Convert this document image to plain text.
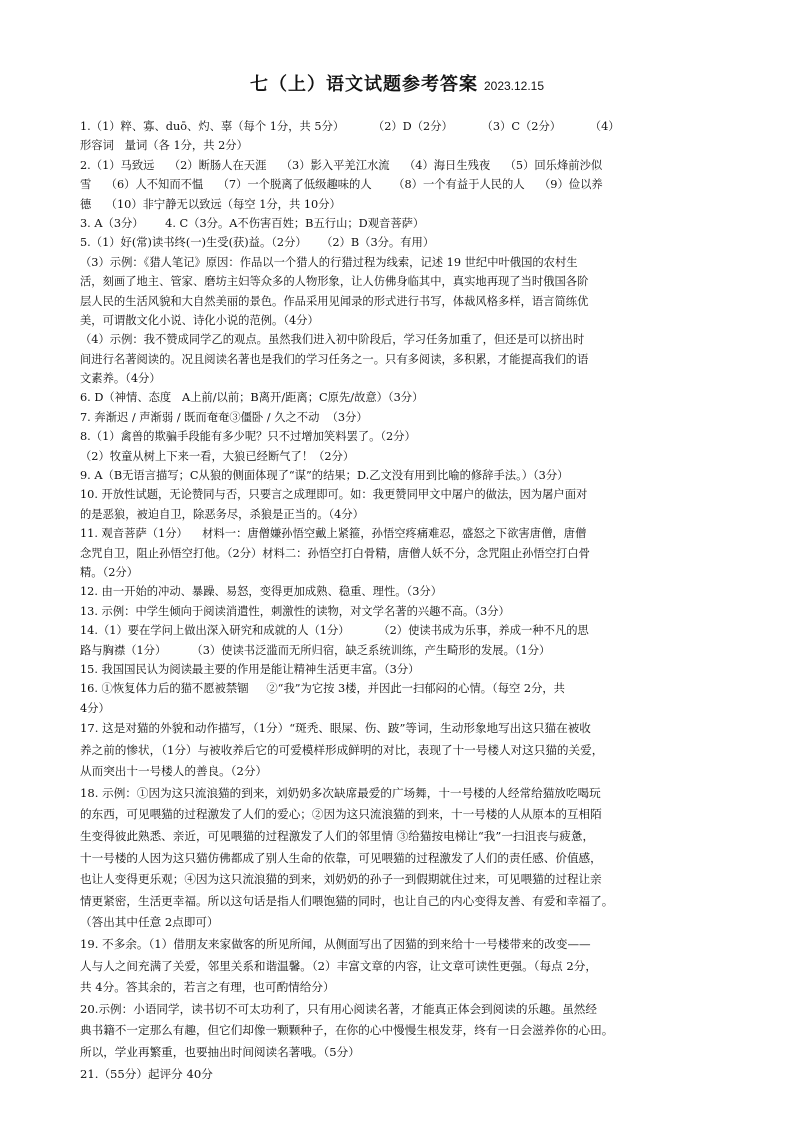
七（上）语文试题参考答案 2023.12.15
1.（1）粹、寡、duō、灼、辜（每个 1分，共 5分）        （2）D（2分）        （3）C（2分）        （4）
形容词   量词（各 1分，共 2分）
2.（1）马致远    （2）断肠人在天涯    （3）影入平羌江水流    （4）海日生残夜    （5）回乐烽前沙似
雪    （6）人不知而不愠    （7）一个脱离了低级趣味的人      （8）一个有益于人民的人    （9）俭以养
德    （10）非宁静无以致远（每空 1分，共 10分）
3. A（3分）      4. C（3分。A不伤害百姓；B五行山；D观音菩萨）
5.（1）好(常)读书终(一)生受(获)益。（2分）    （2）B（3分。有用）
（3）示例：《猎人笔记》原因：作品以一个猎人的行猎过程为线索，记述 19 世纪中叶俄国的农村生
活，刻画了地主、管家、磨坊主妇等众多的人物形象，让人仿佛身临其中，真实地再现了当时俄国各阶
层人民的生活风貌和大自然美丽的景色。作品采用见闻录的形式进行书写，体裁风格多样，语言简练优
美，可谓散文化小说、诗化小说的范例。（4分）
（4）示例：我不赞成同学乙的观点。虽然我们进入初中阶段后，学习任务加重了，但还是可以挤出时
间进行名著阅读的。况且阅读名著也是我们的学习任务之一。只有多阅读，多积累，才能提高我们的语
文素养。（4分）
6. D（神情、态度   A上前/以前；B离开/距离；C原先/故意）（3分）
7. 奔渐迟 / 声渐弱 / 既而奄奄③僵卧 / 久之不动  （3分）
8.（1）禽兽的欺骗手段能有多少呢？只不过增加笑料罢了。（2分）
（2）牧童从树上下来一看，大狼已经断气了！（2分）
9. A（B无语言描写；C从狼的侧面体现了“谋”的结果；D.乙文没有用到比喻的修辞手法。）（3分）
10. 开放性试题，无论赞同与否，只要言之成理即可。如：我更赞同甲文中屠户的做法，因为屠户面对
的是恶狼，被迫自卫，除恶务尽，杀狼是正当的。（4分）
11. 观音菩萨（1分）    材料一：唐僧嫌孙悟空戴上紧箍，孙悟空疼痛难忍，盛怒之下欲害唐僧，唐僧
念咒自卫，阻止孙悟空打他。（2分）材料二：孙悟空打白骨精，唐僧人妖不分，念咒阻止孙悟空打白骨
精。（2分）
12. 由一开始的冲动、暴躁、易怒，变得更加成熟、稳重、理性。（3分）
13. 示例：中学生倾向于阅读消遣性，刺激性的读物，对文学名著的兴趣不高。（3分）
14.（1）要在学问上做出深入研究和成就的人（1分）        （2）使读书成为乐事，养成一种不凡的思
路与胸襟（1分）       （3）使读书泛滥而无所归宿，缺乏系统训练，产生畸形的发展。（1分）
15. 我国国民认为阅读最主要的作用是能让精神生活更丰富。（3分）
16. ①恢复体力后的猫不愿被禁锢     ②“我”为它按 3楼，并因此一扫郁闷的心情。（每空 2分，共
4分）
17. 这是对猫的外貌和动作描写，（1分）“斑秃、眼屎、伤、跛”等词，生动形象地写出这只猫在被收
养之前的惨状，（1分）与被收养后它的可爱模样形成鲜明的对比，表现了十一号楼人对这只猫的关爱，
从而突出十一号楼人的善良。（2分）
18. 示例：①因为这只流浪猫的到来，刘奶奶多次缺席最爱的广场舞，十一号楼的人经常给猫放吃喝玩
的东西，可见喂猫的过程激发了人们的爱心；②因为这只流浪猫的到来，十一号楼的人从原本的互相陌
生变得彼此熟悉、亲近，可见喂猫的过程激发了人们的邻里情 ③给猫按电梯让“我”一扫沮丧与疲惫，
十一号楼的人因为这只猫仿佛都成了别人生命的依靠，可见喂猫的过程激发了人们的责任感、价值感，
也让人变得更乐观；④因为这只流浪猫的到来，刘奶奶的孙子一到假期就住过来，可见喂猫的过程让亲
情更紧密，生活更幸福。所以这句话是指人们喂饱猫的同时，也让自己的内心变得友善、有爱和幸福了。
（答出其中任意 2点即可）
19. 不多余。（1）借朋友来家做客的所见所闻，从侧面写出了因猫的到来给十一号楼带来的改变——
人与人之间充满了关爱，邻里关系和谐温馨。（2）丰富文章的内容，让文章可读性更强。（每点 2分，
共 4分。答其余的，若言之有理，也可酌情给分）
20.示例：小语同学，读书切不可太功利了，只有用心阅读名著，才能真正体会到阅读的乐趣。虽然经
典书籍不一定那么有趣，但它们却像一颗颗种子，在你的心中慢慢生根发芽，终有一日会滋养你的心田。
所以，学业再繁重，也要抽出时间阅读名著哦。（5分）
21.（55分）起评分 40分
